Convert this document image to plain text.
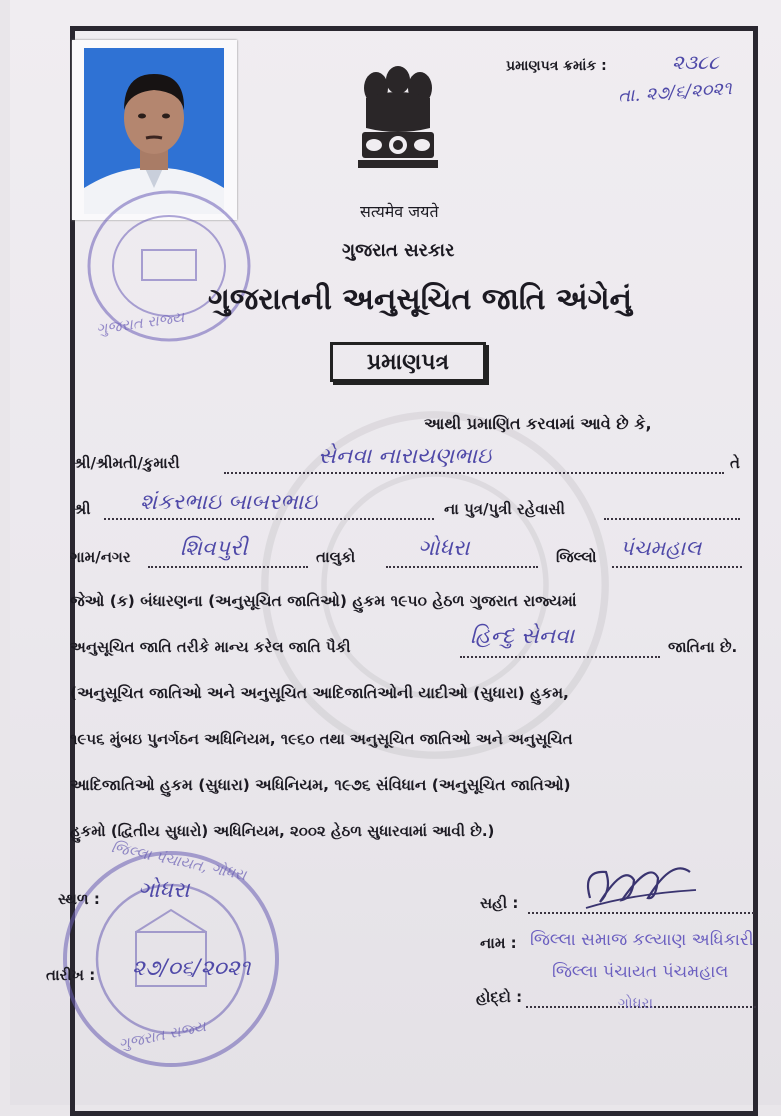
ગુજરાત રાજ્ય
પ્રમાણપત્ર ક્રમાંક :	૨૩૮૮
તા. ૨૭/૬/૨૦૨૧
सत्यमेव जयते
ગુજરાત સરકાર
ગુજરાતની અનુસૂચિત જાતિ અંગેનું
પ્રમાણપત્ર
આથી પ્રમાણિત કરવામાં આવે છે કે,
શ્રી/શ્રીમતી/કુમારી	સેનવા નારાયણભાઇ	તે
શ્રી શંકરભાઇ બાબરભાઇ	ના પુત્ર/પુત્રી રહેવાસી
ગામ/નગર શિવપુરી	તાલુકો	ગોધરા	જિલ્લો પંચમહાલ
જેઓ (ક) બંધારણના (અનુસૂચિત જાતિઓ) હુકમ ૧૯૫૦ હેઠળ ગુજરાત રાજ્યમાં
અનુસૂચિત જાતિ તરીકે માન્ય કરેલ જાતિ પૈકી	હિન્દુ સેનવા	જાતિના છે.
(અનુસૂચિત જાતિઓ અને અનુસૂચિત આદિજાતિઓની યાદીઓ (સુધારા) હુકમ,
૧૯૫૬ મુંબઇ પુનર્ગઠન અધિનિયમ, ૧૯૬૦ તથા અનુસૂચિત જાતિઓ અને અનુસૂચિત
આદિજાતિઓ હુકમ (સુધારા) અધિનિયમ, ૧૯૭૬ સંવિધાન (અનુસૂચિત જાતિઓ)
હુકમો (દ્વિતીય સુધારો) અધિનિયમ, ૨૦૦૨ હેઠળ સુધારવામાં આવી છે.)
જિલ્લા પંચાયત, ગોધરા
ગુજરાત રાજ્ય
સ્થળ : ગોધરા
તારીખ : ૨૭/૦૬/૨૦૨૧
સહી :
નામ : જિલ્લા સમાજ કલ્યાણ અધિકારી
જિલ્લા પંચાયત પંચમહાલ
હોદ્દો :	ગોધરા
